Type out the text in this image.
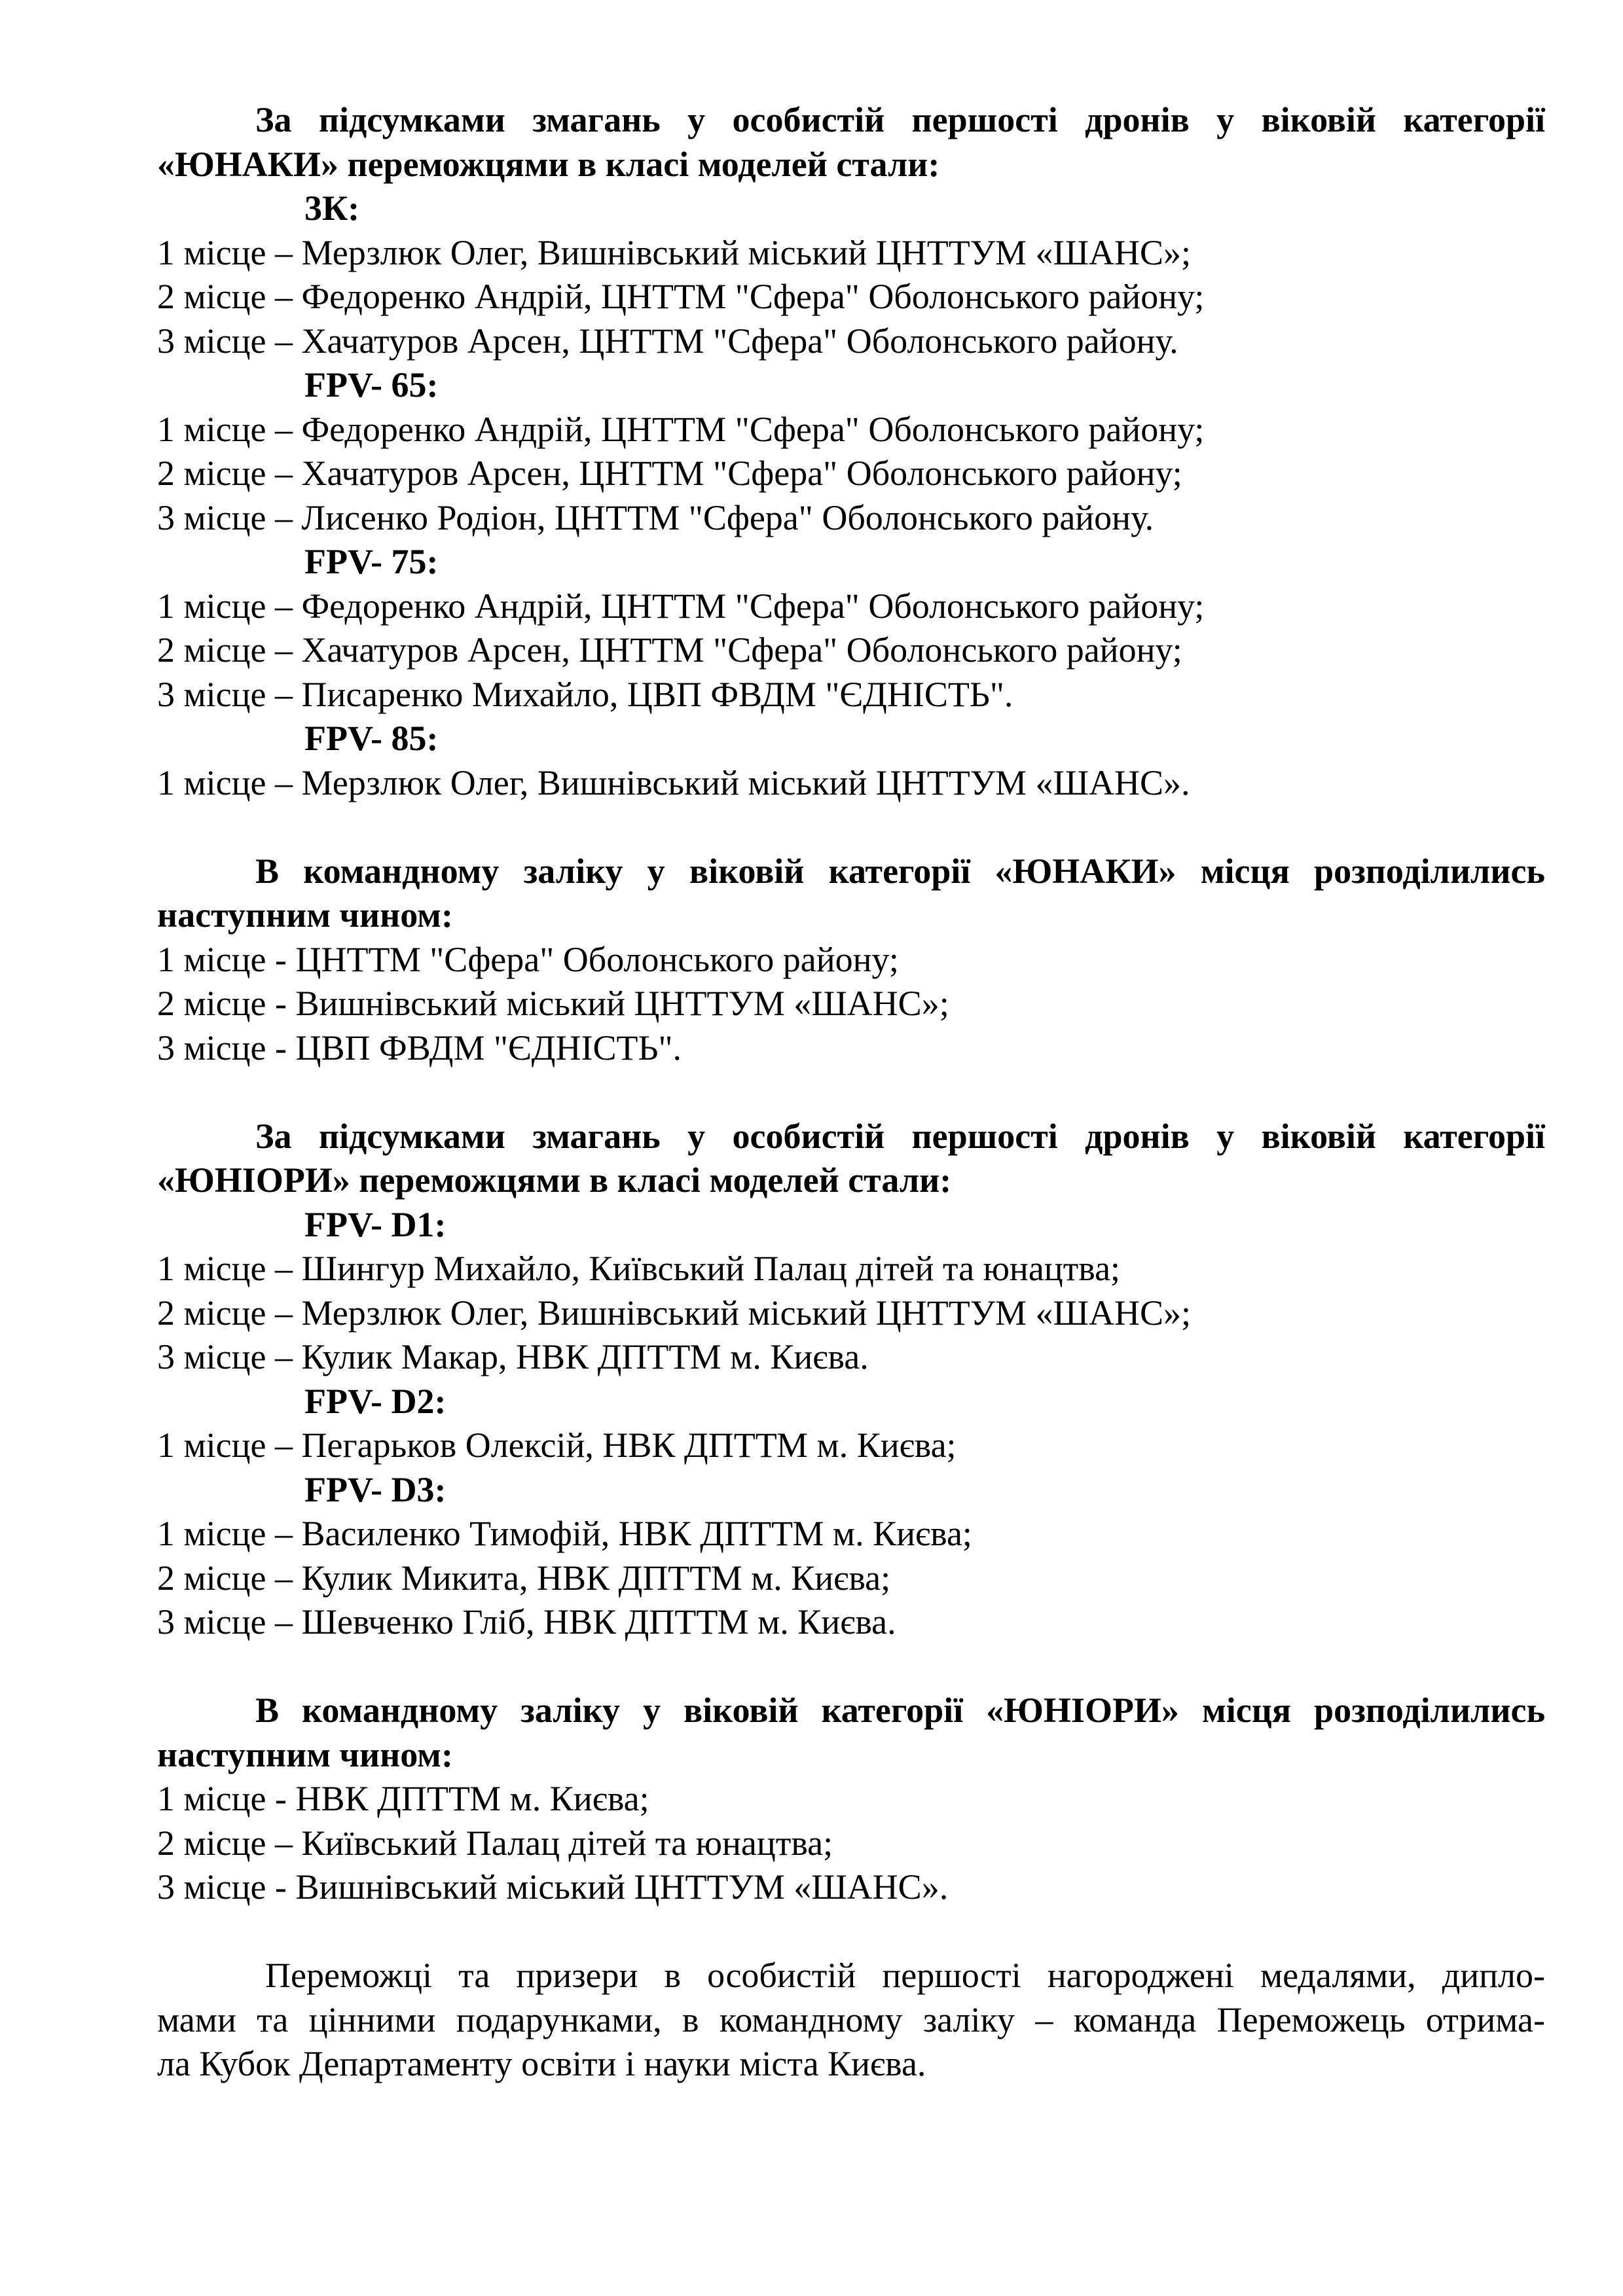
За підсумками змагань у особистій першості дронів у віковій категорії
«ЮНАКИ» переможцями в класі моделей стали:
3К:
1 місце – Мерзлюк Олег, Вишнівський міський ЦНТТУМ «ШАНС»;
2 місце – Федоренко Андрій, ЦНТТМ "Сфера" Оболонського району;
3 місце – Хачатуров Арсен, ЦНТТМ "Сфера" Оболонського району.
FPV- 65:
1 місце – Федоренко Андрій, ЦНТТМ "Сфера" Оболонського району;
2 місце – Хачатуров Арсен, ЦНТТМ "Сфера" Оболонського району;
3 місце – Лисенко Родіон, ЦНТТМ "Сфера" Оболонського району.
FPV- 75:
1 місце – Федоренко Андрій, ЦНТТМ "Сфера" Оболонського району;
2 місце – Хачатуров Арсен, ЦНТТМ "Сфера" Оболонського району;
3 місце – Писаренко Михайло, ЦВП ФВДМ "ЄДНІСТЬ".
FPV- 85:
1 місце – Мерзлюк Олег, Вишнівський міський ЦНТТУМ «ШАНС».
В командному заліку у віковій категорії «ЮНАКИ» місця розподілились
наступним чином:
1 місце - ЦНТТМ "Сфера" Оболонського району;
2 місце - Вишнівський міський ЦНТТУМ «ШАНС»;
3 місце - ЦВП ФВДМ "ЄДНІСТЬ".
За підсумками змагань у особистій першості дронів у віковій категорії
«ЮНІОРИ» переможцями в класі моделей стали:
FPV- D1:
1 місце – Шингур Михайло, Київський Палац дітей та юнацтва;
2 місце – Мерзлюк Олег, Вишнівський міський ЦНТТУМ «ШАНС»;
3 місце – Кулик Макар, НВК ДПТТМ м. Києва.
FPV- D2:
1 місце – Пегарьков Олексій, НВК ДПТТМ м. Києва;
FPV- D3:
1 місце – Василенко Тимофій, НВК ДПТТМ м. Києва;
2 місце – Кулик Микита, НВК ДПТТМ м. Києва;
3 місце – Шевченко Гліб, НВК ДПТТМ м. Києва.
В командному заліку у віковій категорії «ЮНІОРИ» місця розподілились
наступним чином:
1 місце - НВК ДПТТМ м. Києва;
2 місце – Київський Палац дітей та юнацтва;
3 місце - Вишнівський міський ЦНТТУМ «ШАНС».
Переможці та призери в особистій першості нагороджені медалями, дипло-
мами та цінними подарунками, в командному заліку – команда Переможець отрима-
ла Кубок Департаменту освіти і науки міста Києва.
